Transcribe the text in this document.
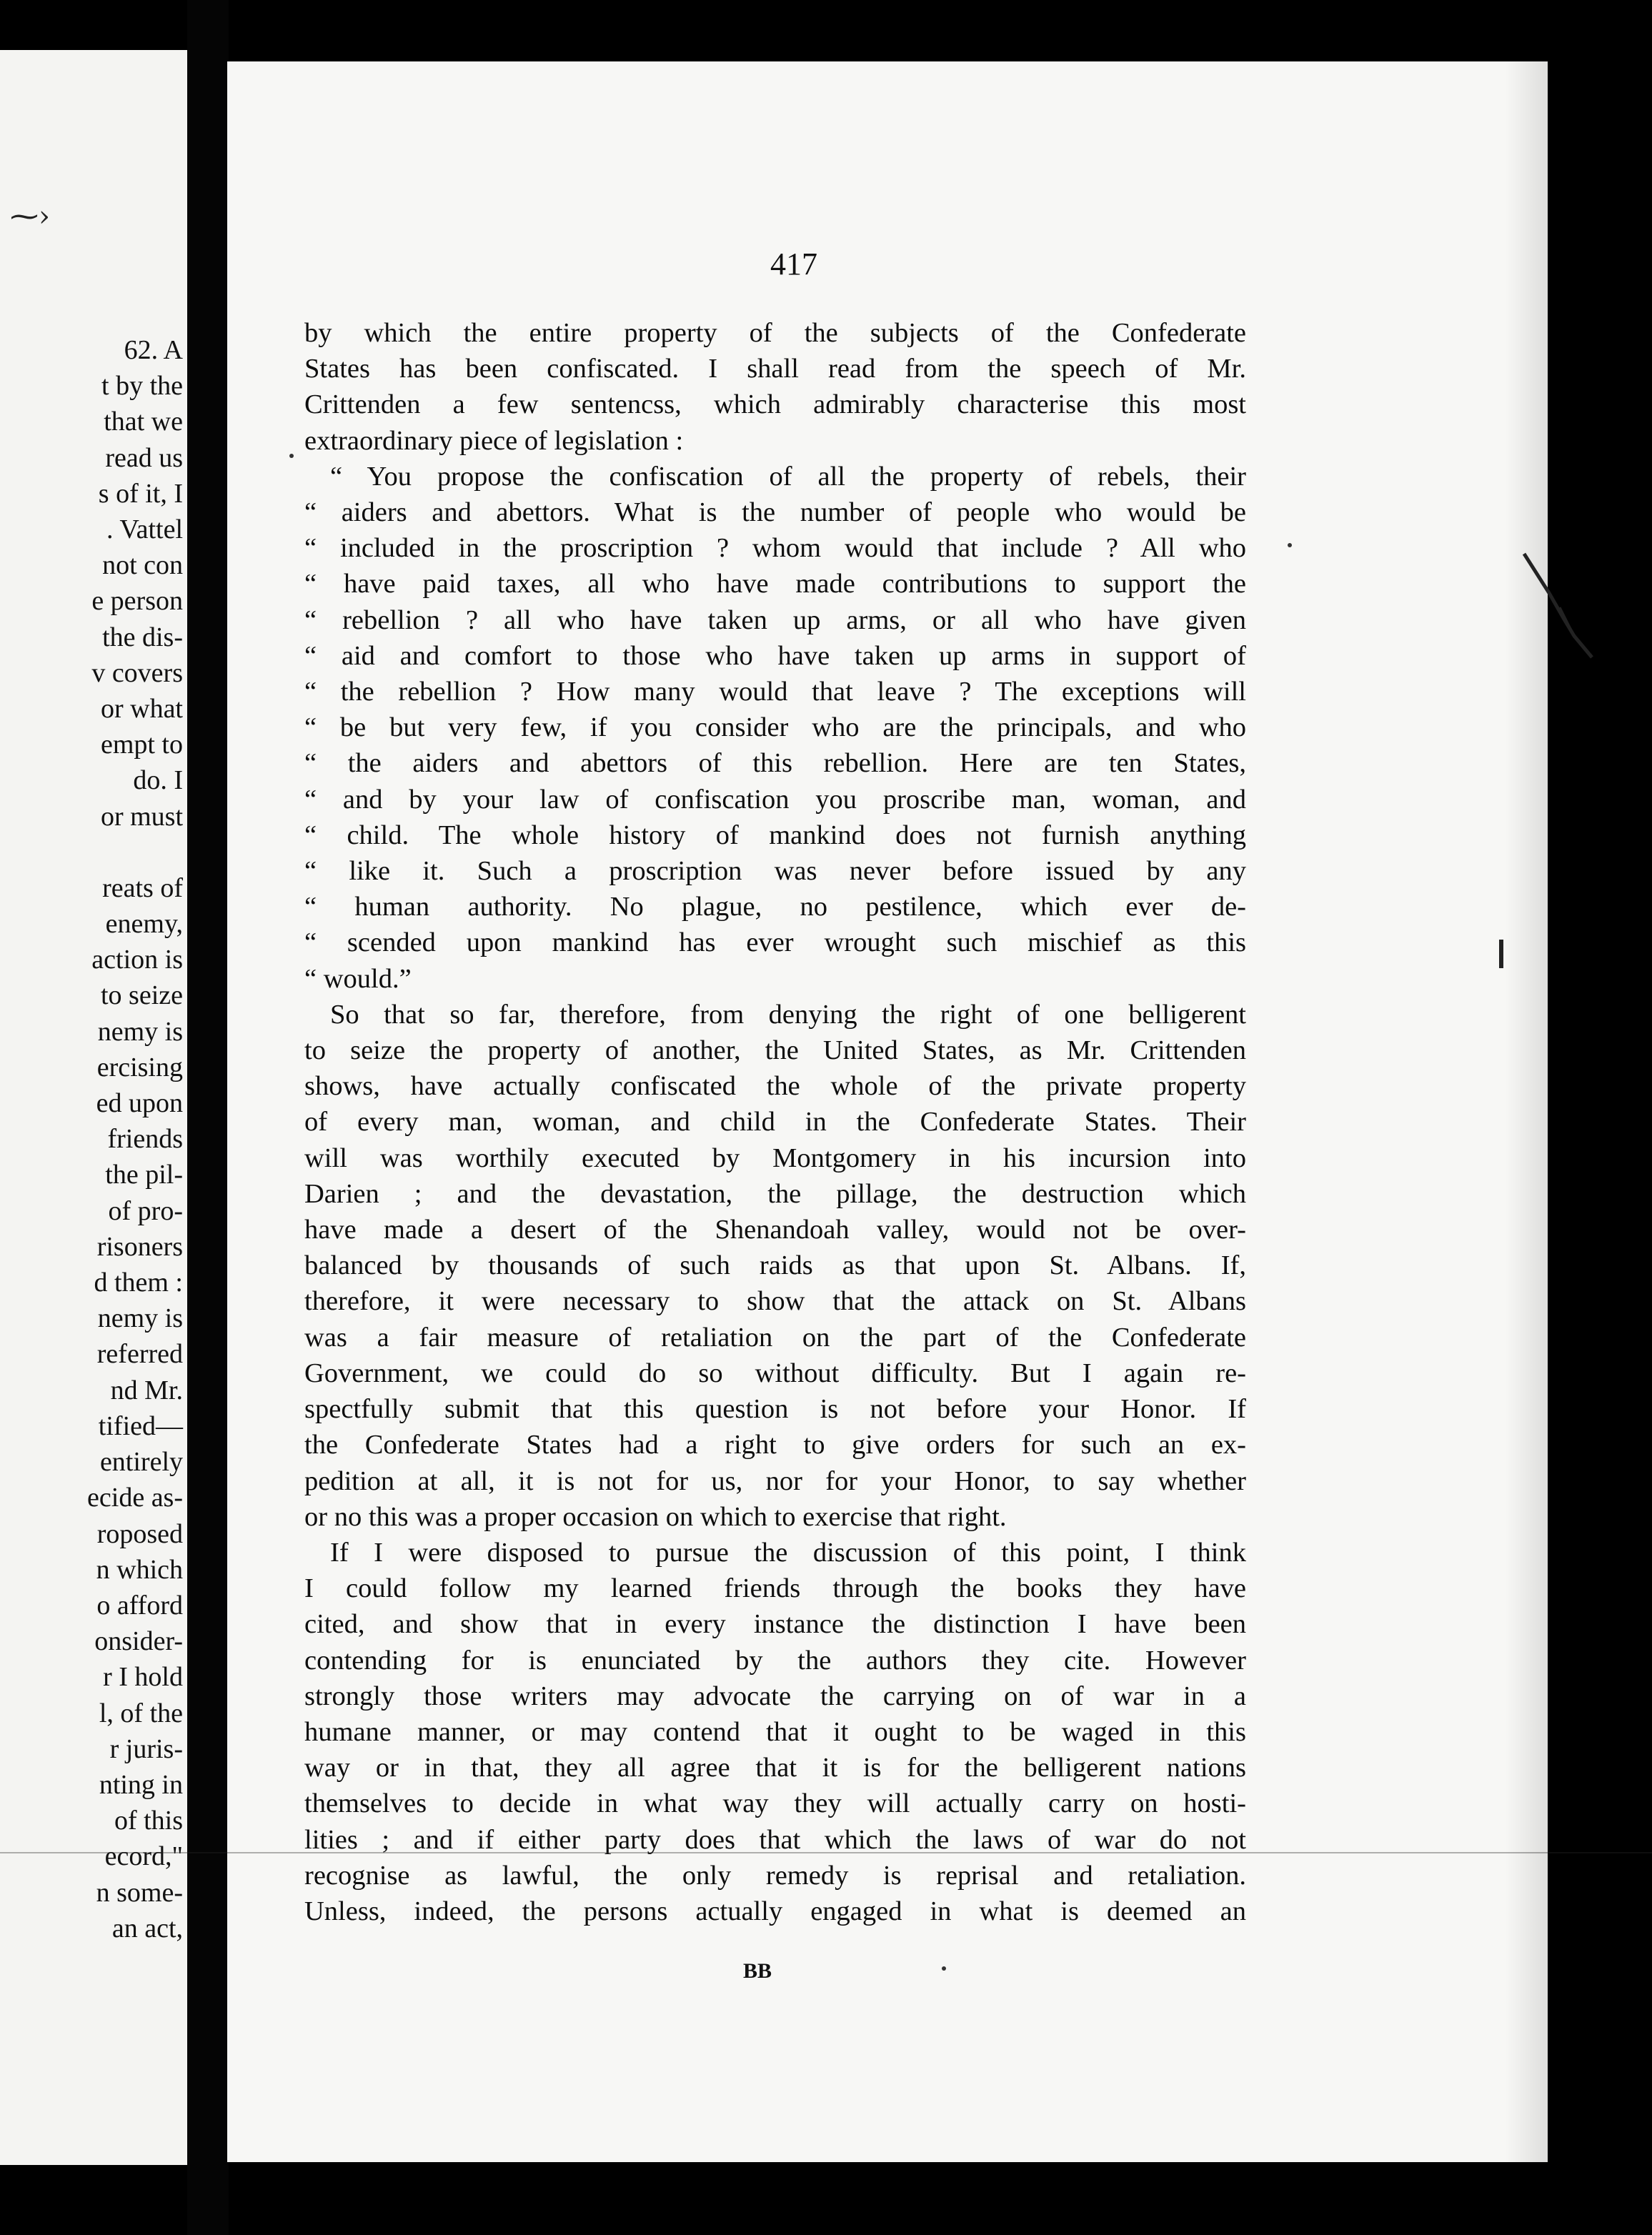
⁓›
62. A
t by the
that we
read us
s of it, I
. Vattel
not con
e person
the dis-
v covers
or what
empt to
do. I
or must

reats of
enemy,
action is
to seize
nemy is
ercising
ed upon
friends
the pil-
of pro-
risoners
d them :
nemy is
referred
nd Mr.
tified—
entirely
ecide as-
roposed
n which
o afford
onsider-
r I hold
l, of the
r juris-
nting in
of this
ecord,"
n some-
an act,
417

by which the entire property of the subjects of the Confederate

States has been confiscated. I shall read from the speech of Mr.

Crittenden a few sentencss, which admirably characterise this most

extraordinary piece of legislation :

“ You propose the confiscation of all the property of rebels, their

“ aiders and abettors. What is the number of people who would be

“ included in the proscription ? whom would that include ? All who

“ have paid taxes, all who have made contributions to support the

“ rebellion ? all who have taken up arms, or all who have given

“ aid and comfort to those who have taken up arms in support of

“ the rebellion ? How many would that leave ? The exceptions will

“ be but very few, if you consider who are the principals, and who

“ the aiders and abettors of this rebellion. Here are ten States,

“ and by your law of confiscation you proscribe man, woman, and

“ child. The whole history of mankind does not furnish anything

“ like it. Such a proscription was never before issued by any

“ human authority. No plague, no pestilence, which ever de-

“ scended upon mankind has ever wrought such mischief as this

“ would.”

So that so far, therefore, from denying the right of one belligerent

to seize the property of another, the United States, as Mr. Crittenden

shows, have actually confiscated the whole of the private property

of every man, woman, and child in the Confederate States. Their

will was worthily executed by Montgomery in his incursion into

Darien ; and the devastation, the pillage, the destruction which

have made a desert of the Shenandoah valley, would not be over-

balanced by thousands of such raids as that upon St. Albans. If,

therefore, it were necessary to show that the attack on St. Albans

was a fair measure of retaliation on the part of the Confederate

Government, we could do so without difficulty. But I again re-

spectfully submit that this question is not before your Honor. If

the Confederate States had a right to give orders for such an ex-

pedition at all, it is not for us, nor for your Honor, to say whether

or no this was a proper occasion on which to exercise that right.

If I were disposed to pursue the discussion of this point, I think

I could follow my learned friends through the books they have

cited, and show that in every instance the distinction I have been

contending for is enunciated by the authors they cite. However

strongly those writers may advocate the carrying on of war in a

humane manner, or may contend that it ought to be waged in this

way or in that, they all agree that it is for the belligerent nations

themselves to decide in what way they will actually carry on hosti-

lities ; and if either party does that which the laws of war do not

recognise as lawful, the only remedy is reprisal and retaliation.

Unless, indeed, the persons actually engaged in what is deemed an

BB
